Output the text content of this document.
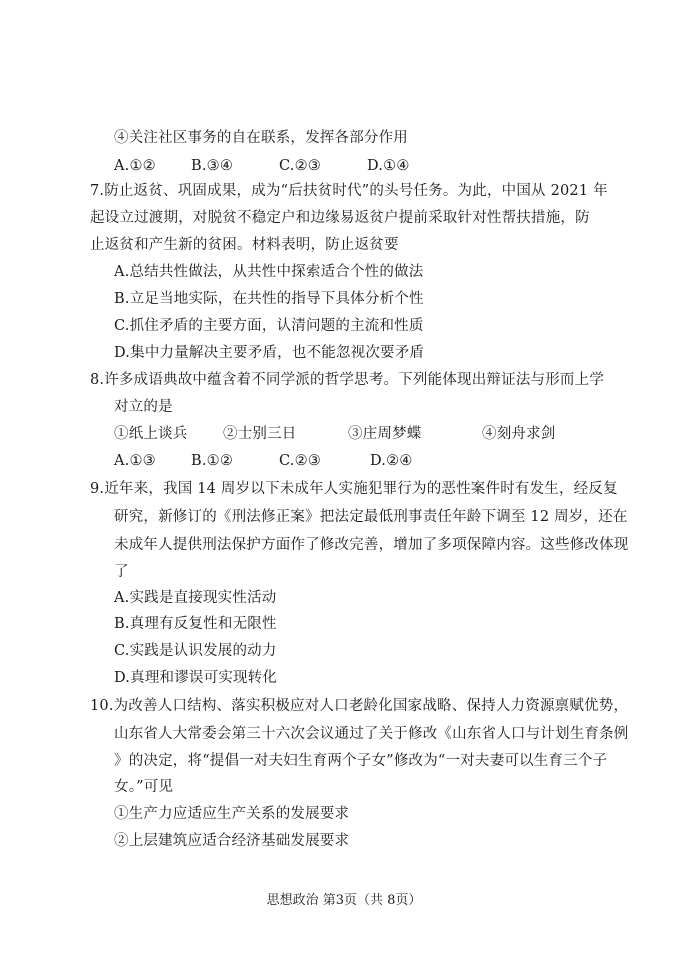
④关注社区事务的自在联系，发挥各部分作用
A.①② B.③④	C.②③	D.①④
7.防止返贫、巩固成果，成为“后扶贫时代”的头号任务。为此，中国从 2021 年
起设立过渡期，对脱贫不稳定户和边缘易返贫户提前采取针对性帮扶措施，防
止返贫和产生新的贫困。材料表明，防止返贫要
A.总结共性做法，从共性中探索适合个性的做法
B.立足当地实际，在共性的指导下具体分析个性
C.抓住矛盾的主要方面，认清问题的主流和性质
D.集中力量解决主要矛盾，也不能忽视次要矛盾
8.许多成语典故中蕴含着不同学派的哲学思考。下列能体现出辩证法与形而上学
对立的是
①纸上谈兵 ②士别三日	③庄周梦蝶	④刻舟求剑
A.①③ B.①②	C.②③	D.②④
9.近年来，我国 14 周岁以下未成年人实施犯罪行为的恶性案件时有发生，经反复
研究，新修订的《刑法修正案》把法定最低刑事责任年龄下调至 12 周岁，还在
未成年人提供刑法保护方面作了修改完善，增加了多项保障内容。这些修改体现
了
A.实践是直接现实性活动
B.真理有反复性和无限性
C.实践是认识发展的动力
D.真理和谬误可实现转化
10.为改善人口结构、落实积极应对人口老龄化国家战略、保持人力资源禀赋优势，
山东省人大常委会第三十六次会议通过了关于修改《山东省人口与计划生育条例
》的决定，将“提倡一对夫妇生育两个子女”修改为“一对夫妻可以生育三个子
女。”可见
①生产力应适应生产关系的发展要求
②上层建筑应适合经济基础发展要求
思想政治 第3页（共 8页）
